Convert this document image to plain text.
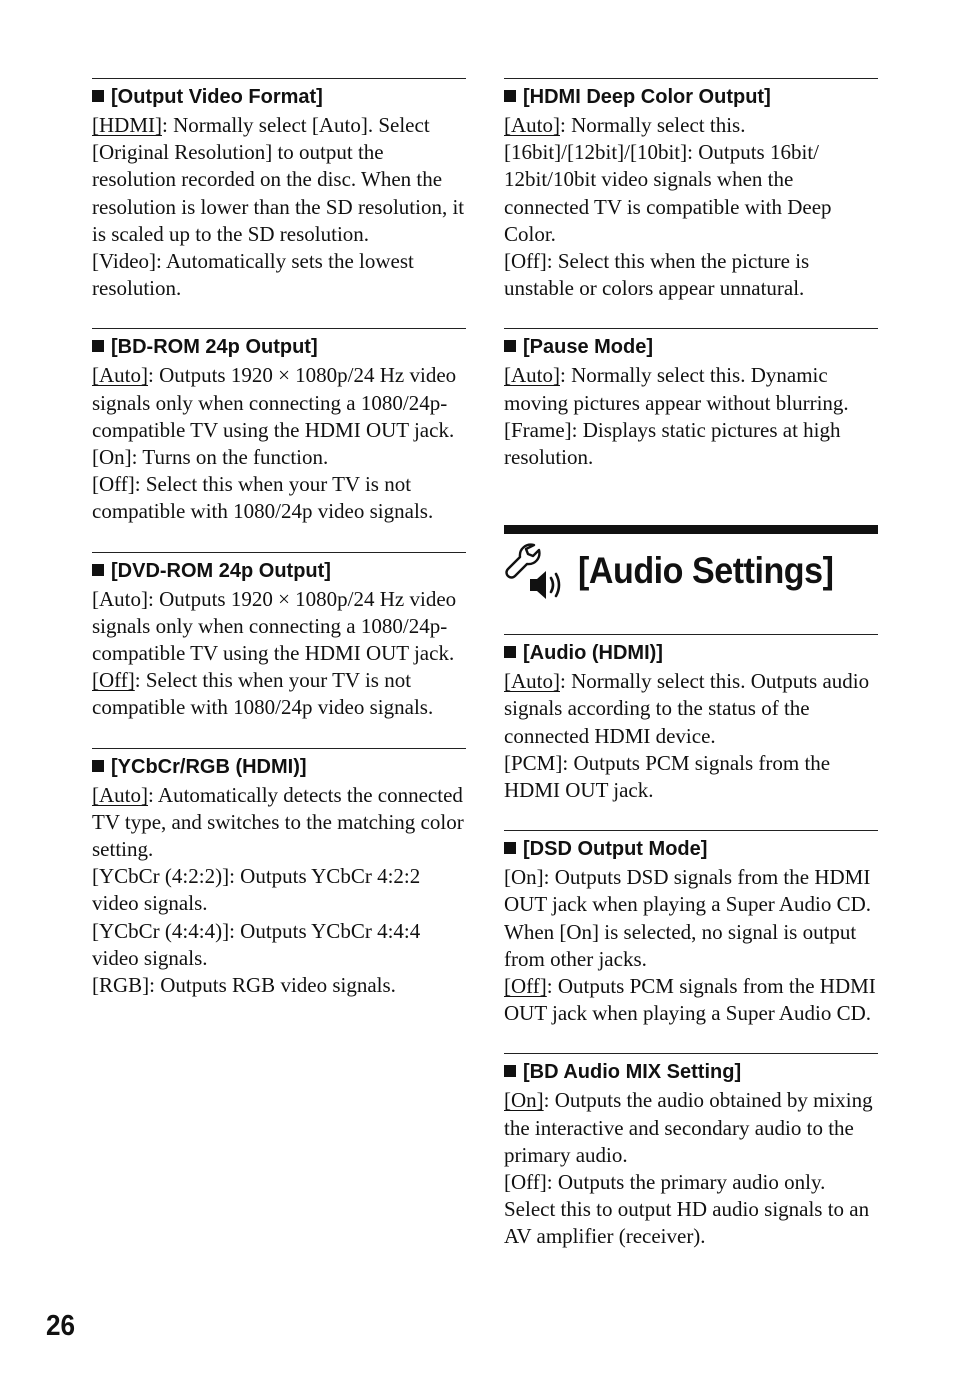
[Output Video Format]

[HDMI]: Normally select [Auto]. Select [Original Resolution] to output the resolution recorded on the disc. When the resolution is lower than the SD resolution, it is scaled up to the SD resolution.

[Video]: Automatically sets the lowest resolution.

[BD-ROM 24p Output]

[Auto]: Outputs 1920 × 1080p/24 Hz video signals only when connecting a 1080/24p-compatible TV using the HDMI OUT jack.

[On]: Turns on the function.

[Off]: Select this when your TV is not compatible with 1080/24p video signals.

[DVD-ROM 24p Output]

[Auto]: Outputs 1920 × 1080p/24 Hz video signals only when connecting a 1080/24p-compatible TV using the HDMI OUT jack.

[Off]: Select this when your TV is not compatible with 1080/24p video signals.

[YCbCr/RGB (HDMI)]

[Auto]: Automatically detects the connected TV type, and switches to the matching color setting.

[YCbCr (4:2:2)]: Outputs YCbCr 4:2:2 video signals.

[YCbCr (4:4:4)]: Outputs YCbCr 4:4:4 video signals.

[RGB]: Outputs RGB video signals.

[HDMI Deep Color Output]

[Auto]: Normally select this.

[16bit]/[12bit]/[10bit]: Outputs 16bit/ 12bit/10bit video signals when the connected TV is compatible with Deep Color.

[Off]: Select this when the picture is unstable or colors appear unnatural.

[Pause Mode]

[Auto]: Normally select this. Dynamic moving pictures appear without blurring.

[Frame]: Displays static pictures at high resolution.

[Audio Settings]
[Audio (HDMI)]

[Auto]: Normally select this. Outputs audio signals according to the status of the connected HDMI device.

[PCM]: Outputs PCM signals from the HDMI OUT jack.

[DSD Output Mode]

[On]: Outputs DSD signals from the HDMI OUT jack when playing a Super Audio CD. When [On] is selected, no signal is output from other jacks.

[Off]: Outputs PCM signals from the HDMI OUT jack when playing a Super Audio CD.

[BD Audio MIX Setting]

[On]: Outputs the audio obtained by mixing the interactive and secondary audio to the primary audio.

[Off]: Outputs the primary audio only. Select this to output HD audio signals to an AV amplifier (receiver).

26
